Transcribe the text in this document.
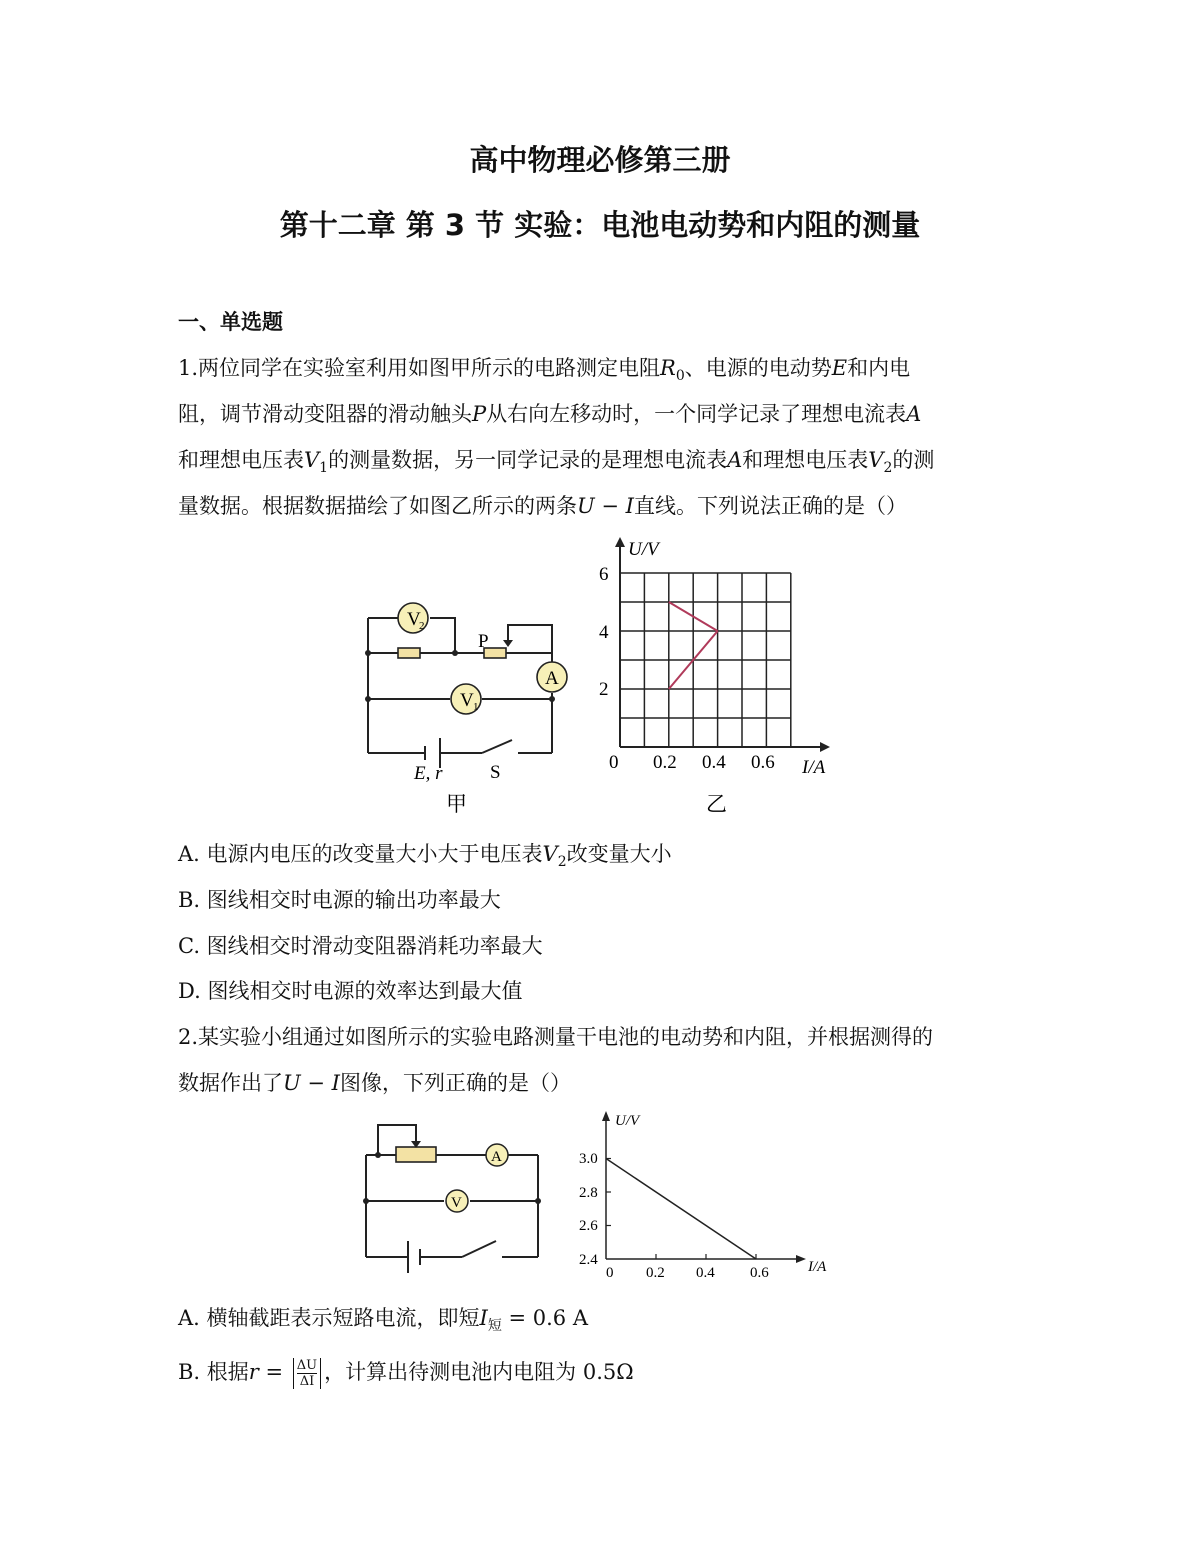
高中物理必修第三册
第十二章 第 3 节 实验：电池电动势和内阻的测量
一、单选题
1.两位同学在实验室利用如图甲所示的电路测定电阻$R_0$、电源的电动势E和内电
阻，调节滑动变阻器的滑动触头P从右向左移动时，一个同学记录了理想电流表A
和理想电压表$V_1$的测量数据，另一同学记录的是理想电流表A和理想电压表$V_2$的测
量数据。根据数据描绘了如图乙所示的两条U − I直线。下列说法正确的是（）
V
2
A
V 1
P
E, r	S
甲
U/V
I/A
2
4
6
0 0.2 0.4 0.6
乙
A. 电源内电压的改变量大小大于电压表$V_2$改变量大小
B. 图线相交时电源的输出功率最大
C. 图线相交时滑动变阻器消耗功率最大
D. 图线相交时电源的效率达到最大值
2.某实验小组通过如图所示的实验电路测量干电池的电动势和内阻，并根据测得的
数据作出了U − I图像，下列正确的是（）
A
V
U/V
I/A
2.4
2.6
2.8
3.0
0 0.2 0.4 0.6
A. 横轴截距表示短路电流，即短$I_短 = 0.6$ A
B. 根据$r = \frac{\Delta U}{\Delta I}$ ，计算出待测电池内电阻为 0.5Ω
